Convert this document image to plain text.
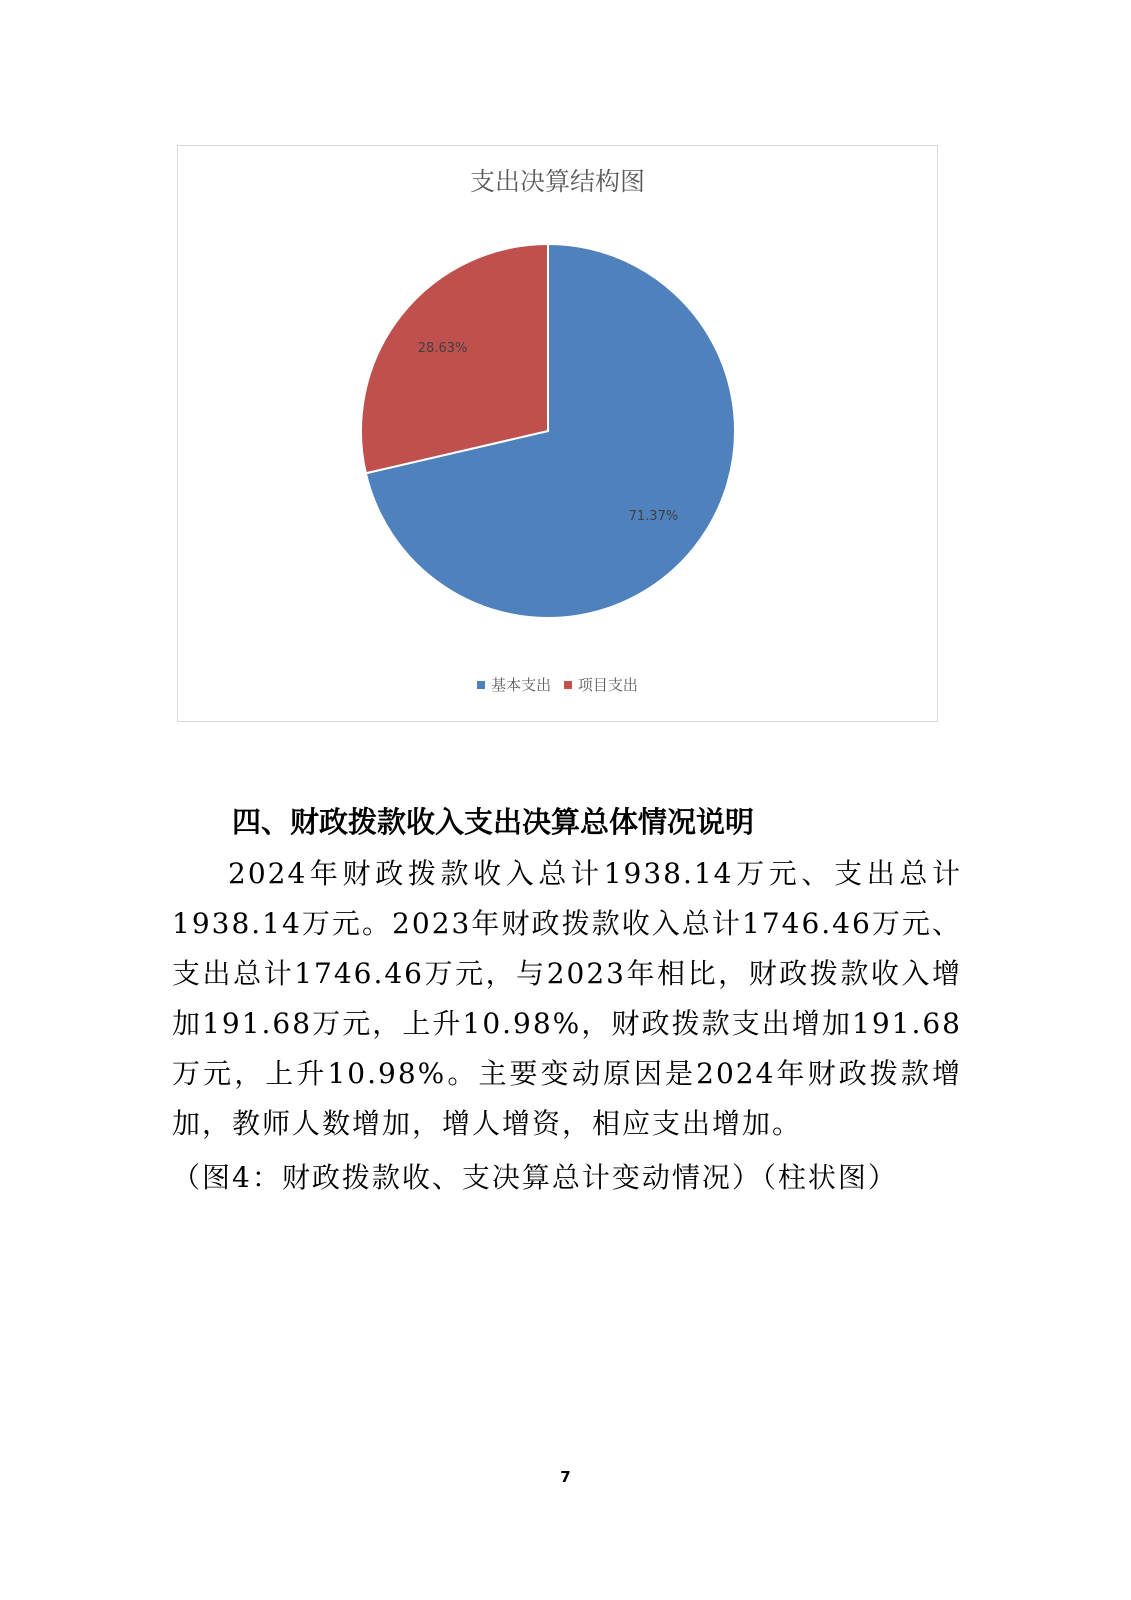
支出决算结构图
71.37%
28.63%
基本支出
项目支出
四、财政拨款收入支出决算总体情况说明
2024年财政拨款收入总计1938.14万元、支出总计1938.14万元。2023年财政拨款收入总计1746.46万元、支出总计1746.46万元，与2023年相比，财政拨款收入增加191.68万元，上升10.98%，财政拨款支出增加191.68万元，上升10.98%。主要变动原因是2024年财政拨款增加，教师人数增加，增人增资，相应支出增加。
（图4：财政拨款收、支决算总计变动情况）（柱状图）
7
